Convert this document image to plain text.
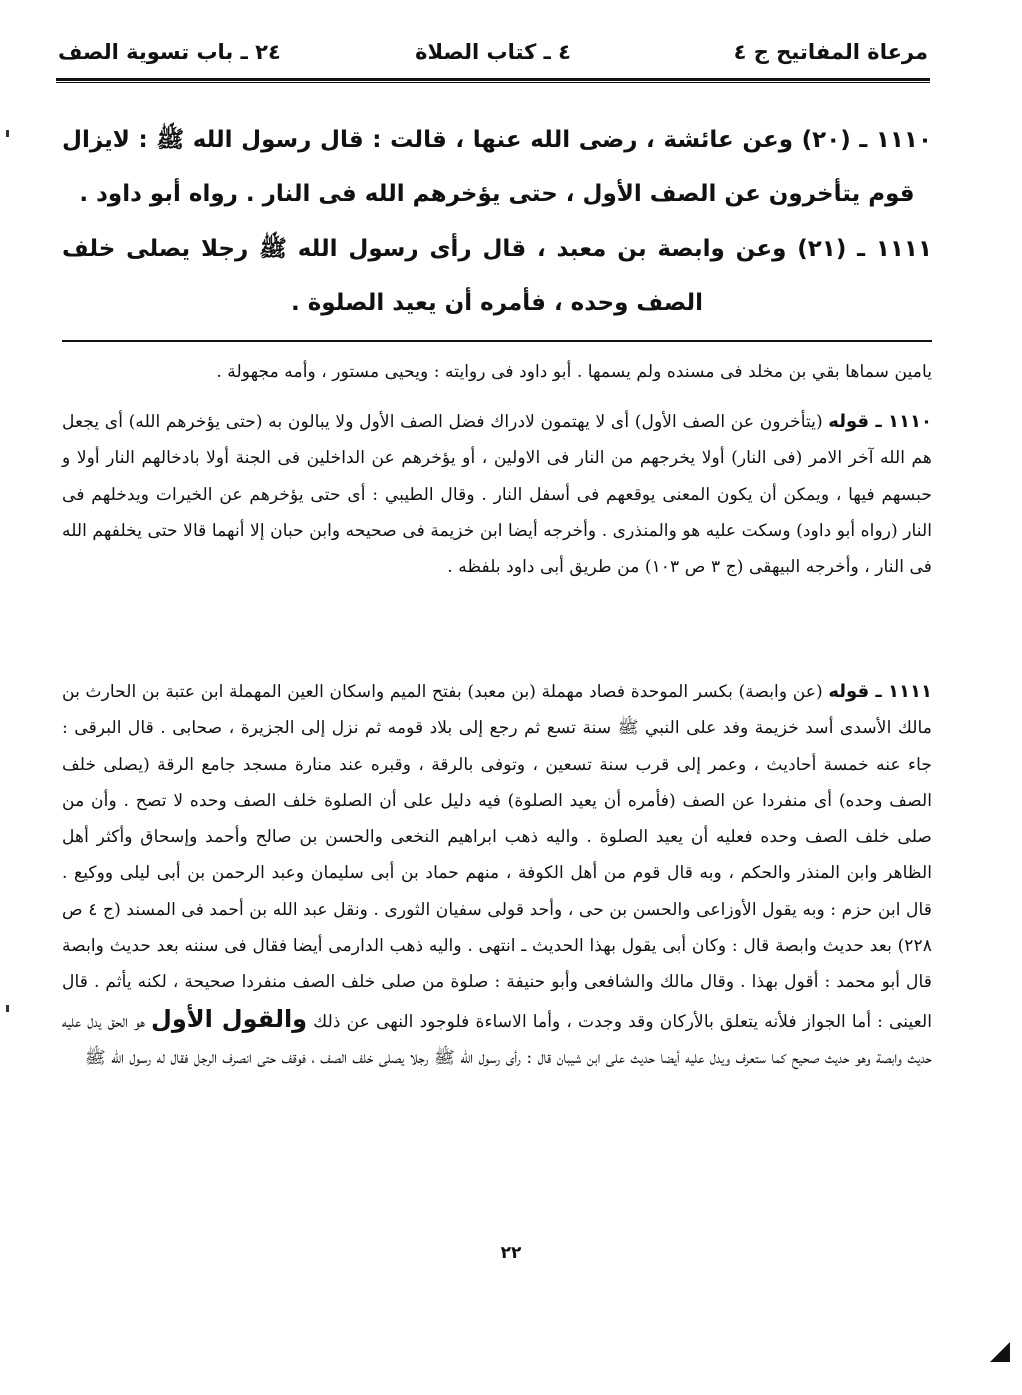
مرعاة المفاتيح ج ٤
٤ ـ كتاب الصلاة
٢٤ ـ باب تسوية الصف
١١١٠ ـ (٢٠) وعن عائشة ، رضى الله عنها ، قالت : قال رسول الله ﷺ : لايزال قوم يتأخرون عن الصف الأول ، حتى يؤخرهم الله فى النار . رواه أبو داود .
١١١١ ـ (٢١) وعن وابصة بن معبد ، قال رأى رسول الله ﷺ رجلا يصلى خلف الصف وحده ، فأمره أن يعيد الصلوة .
يامين سماها بقي بن مخلد فى مسنده ولم يسمها . أبو داود فى روايته : ويحيى مستور ، وأمه مجهولة .
١١١٠ ـ قوله (يتأخرون عن الصف الأول) أى لا يهتمون لادراك فضل الصف الأول ولا يبالون به (حتى يؤخرهم الله) أى يجعل هم الله آخر الامر (فى النار) أولا يخرجهم من النار فى الاولين ، أو يؤخرهم عن الداخلين فى الجنة أولا بادخالهم النار أولا و حبسهم فيها ، ويمكن أن يكون المعنى يوقعهم فى أسفل النار . وقال الطيبي : أى حتى يؤخرهم عن الخيرات ويدخلهم فى النار (رواه أبو داود) وسكت عليه هو والمنذرى . وأخرجه أيضا ابن خزيمة فى صحيحه وابن حبان إلا أنهما قالا حتى يخلفهم الله فى النار ، وأخرجه البيهقى (ج ٣ ص ١٠٣) من طريق أبى داود بلفظه .
١١١١ ـ قوله (عن وابصة) بكسر الموحدة فصاد مهملة (بن معبد) بفتح الميم واسكان العين المهملة ابن عتبة بن الحارث بن مالك الأسدى أسد خزيمة وفد على النبي ﷺ سنة تسع ثم رجع إلى بلاد قومه ثم نزل إلى الجزيرة ، صحابى . قال البرقى : جاء عنه خمسة أحاديث ، وعمر إلى قرب سنة تسعين ، وتوفى بالرقة ، وقبره عند منارة مسجد جامع الرقة (يصلى خلف الصف وحده) أى منفردا عن الصف (فأمره أن يعيد الصلوة) فيه دليل على أن الصلوة خلف الصف وحده لا تصح . وأن من صلى خلف الصف وحده فعليه أن يعيد الصلوة . واليه ذهب ابراهيم النخعى والحسن بن صالح وأحمد وإسحاق وأكثر أهل الظاهر وابن المنذر والحكم ، وبه قال قوم من أهل الكوفة ، منهم حماد بن أبى سليمان وعبد الرحمن بن أبى ليلى ووكيع . قال ابن حزم : وبه يقول الأوزاعى والحسن بن حى ، وأحد قولى سفيان الثورى . ونقل عبد الله بن أحمد فى المسند (ج ٤ ص ٢٢٨) بعد حديث وابصة قال : وكان أبى يقول بهذا الحديث ـ انتهى . واليه ذهب الدارمى أيضا فقال فى سننه بعد حديث وابصة قال أبو محمد : أقول بهذا . وقال مالك والشافعى وأبو حنيفة : صلوة من صلى خلف الصف منفردا صحيحة ، لكنه يأثم . قال العينى : أما الجواز فلأنه يتعلق بالأركان وقد وجدت ، وأما الاساءة فلوجود النهى عن ذلك والقول الأول هو الحق يدل عليه حديث وابصة وهو حديث صحيح كما ستعرف ويدل عليه أيضا حديث على ابن شيبان قال : رأى رسول الله ﷺ رجلا يصلى خلف الصف ، فوقف حتى انصرف الرجل فقال له رسول الله ﷺ
٢٢
